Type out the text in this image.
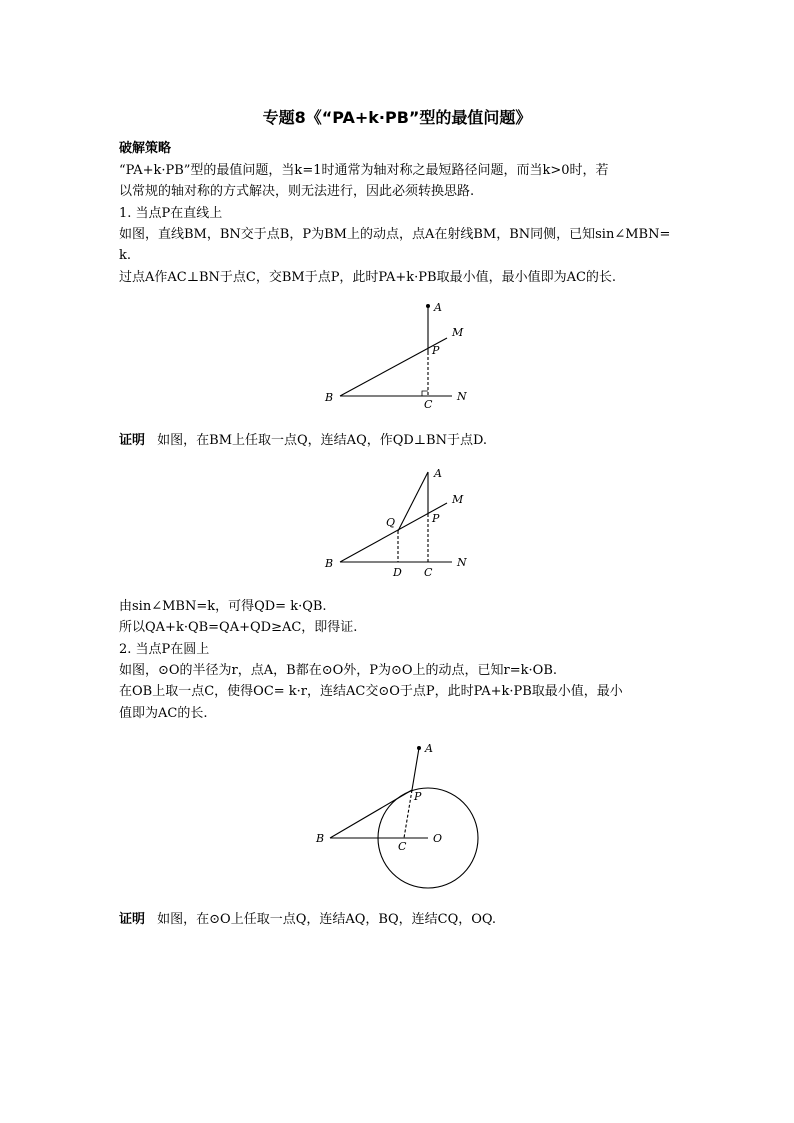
专题8《“PA+k·PB”型的最值问题》
破解策略
“PA+k·PB”型的最值问题，当k=1时通常为轴对称之最短路径问题，而当k>0时，若
以常规的轴对称的方式解决，则无法进行，因此必须转换思路.
1. 当点P在直线上
如图，直线BM，BN交于点B，P为BM上的动点，点A在射线BM，BN同侧，已知sin∠MBN=
k.
过点A作AC⊥BN于点C，交BM于点P，此时PA+k·PB取最小值，最小值即为AC的长.
A
M
P
B
C
N
证明 如图，在BM上任取一点Q，连结AQ，作QD⊥BN于点D.
A
M
Q	P
B
D C
N
由sin∠MBN=k，可得QD= k·QB.
所以QA+k·QB=QA+QD≥AC，即得证.
2. 当点P在圆上
如图，⊙O的半径为r，点A，B都在⊙O外，P为⊙O上的动点，已知r=k·OB.
在OB上取一点C，使得OC= k·r，连结AC交⊙O于点P，此时PA+k·PB取最小值，最小
值即为AC的长.
A
P
B
C
O
证明 如图，在⊙O上任取一点Q，连结AQ，BQ，连结CQ，OQ.
